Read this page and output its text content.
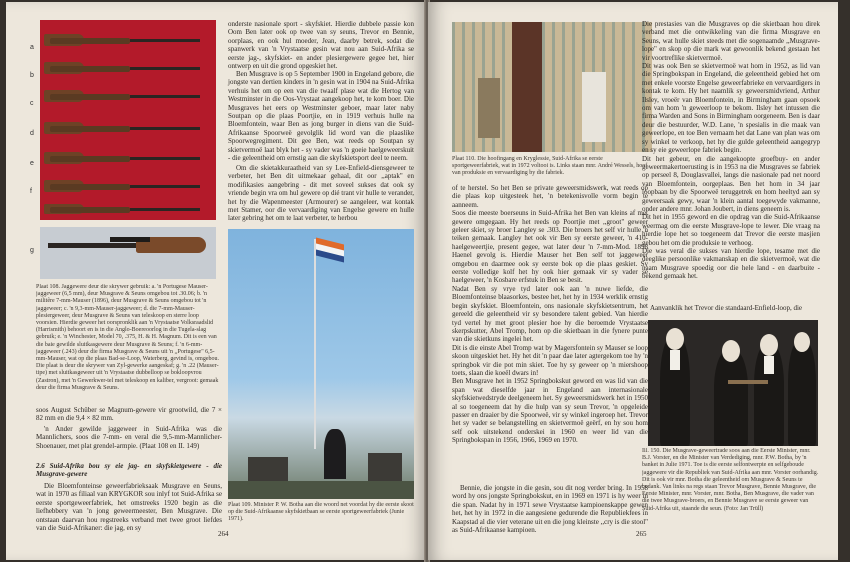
a
b
c
d
e
f
g
Plaat 108. Jaggewere deur die skrywer gebruik: a. 'n Portugese Mauser-jaggeweer (6,5 mm), deur Musgrave & Seuns omgebou tot .30.06; b. 'n militêre 7-mm-Mauser (1896), deur Musgrave & Seuns omgebou tot 'n jaggeweer; c. 'n 9,3-mm-Mauser-jaggeweer; d. die 7-mm-Mauser-plesiergeweer, deur Musgrave & Seuns van teleskoop en sterre loop voorsien. Hierdie geweer het oorspronklik aan 'n Vrystaatse Volksraadslid (Harrismith) behoort en is in die Anglo-Boereoorlog in die Tugela-slag gebruik; e. 'n Winchester, Model 70, .375, H. & H. Magnum. Dit is een van die baie gewilde sluitkasgewere deur Musgrave & Seuns; f. 'n 6-mm-jaggeweer (.243) deur die firma Musgrave & Seuns uit 'n ,,Portugese" 6,5-mm-Mauser, wat op die plaas Bad-se-Loop, Waterberg, gevind is, omgebou. Die plaat is deur die skrywer van Zyl-gewerke aangeskaf; g. 'n .22 (Mauser-tipe) met sluitkasgeweer uit 'n Vrystaatse dubbelloop se bokloopvrou (Zastron), met 'n Gewerkwer-tel met teleskoop en kaliber, vergroot: gemaak deur die firma Musgrave & Seuns.
soos August Schüber se Magnum-gewere vir grootwild, die 7 × 82 mm en die 9,4 × 82 mm.
'n Ander gewilde jaggeweer in Suid-Afrika was die Mannlichers, soos die 7-mm- en veral die 9,5-mm-Mannlicher-Shoenauer, met plat grendel-armpie. (Plaat 108 en II. 149)
2.6 Suid-Afrika bou sy eie jag- en skyfskietgewere - die Musgrave-gewere
Die Bloemfonteinse geweerfabrieksaak Musgrave en Seuns, wat in 1970 as filiaal van KRYGKOR sou inlyf tot Suid-Afrika se eerste sportgeweerfabriek, het omstreeks 1920 begin as die liefhebbery van 'n jong geweermeester, Ben Musgrave. Die ontstaan daarvan hou regstreeks verband met twee groot liefdes van die Suid-Afrikaner: die jag, en sy
onderste nasionale sport - skyfskiet. Hierdie dubbele passie kon Oom Ben later ook op twee van sy seuns, Trevor en Bennie, oorplaas, en ook hul moeder, Jean, daarby betrek, sodat die spanwerk van 'n Vrystaatse gesin wat nou aan Suid-Afrika se eerste jag-, skyfskiet- en ander plesiergewere gegee het, hier ontwerp en uit die grond opgeskiet het.
Ben Musgrave is op 5 September 1900 in Engeland gebore, die jongste van dertien kinders in 'n gesin wat in 1904 na Suid-Afrika verhuis het om op een van die twaalf plase wat die Hertog van Westminster in die Oos-Vrystaat aangekoop het, te kom boer. Die Musgraves het eers op Westminster geboer, maar later naby Soutpan op die plaas Poortjie, en in 1919 verhuis hulle na Bloemfontein, waar Ben as jong burger in diens van die Suid-Afrikaanse Spoorweë gevolglik lid word van die plaaslike Spoorwegregiment. Dit gee Ben, wat reeds op Soutpan sy skietvermoë laat blyk het - sy vader was 'n goeie haelgeweerskuit - die geleentheid om ernstig aan die skyfskietsport deel te neem.
Om die skietakkuraatheid van sy Lee-Enfield-diensgeweer te verbeter, het Ben dit uitmekaar gehaal, dit oor ,,aptak" en modifikasies aangebring - dit met soveel sukses dat ook sy vriende begin vra om hul gewere op dié trant vir hulle te verander, het hy die Wapenmeester (Armourer) se aangeleer, wat kontak met Stamer, oor die vervaardiging van Engelse gewere en hulle later gebring het om te laat verbeter, te herbou
Plaat 109. Minister P. W. Botha aan die woord net voordat hy die eerste skoot op die Suid-Afrikaanse skyfskietbaan se eerste sportgeweerfabriek (Junie 1971).
264
Plaat 110. Die hoofingang en Kryglessie, Suid-Afrika se eerste sportgeweerfabriek, wat in 1972 voltooi is. Links staan mnr. André Wessels, hoof van produksie en vervaardiging by die fabriek.
of te herstel. So het Ben se private geweersmidswerk, wat reeds op die plaas kop uitgesteek het, 'n betekenisvolle vorm begin te aanneem.
Soos die meeste boerseuns in Suid-Afrika het Ben van kleins af met gewere omgegaan. Hy het reeds op Poortjie met ,,groot" geweer geleer skiet, sy broer Langley se .303. Die broers het self vir hulle 'n teiken gemaak. Langley het ook vir Ben sy eerste geweer, 'n 410-haelgeweertjie, present gegee, wat later deur 'n 7-mm-Mod. 1898 Haenel gevolg is. Hierdie Mauser het Ben self tot jaggeweer omgebou en daarmee ook sy eerste bok op die plaas geskiet. Sy eerste volledige kolf het hy ook hier gemaak vir sy vader se haelgeweer, 'n Kosbare erfstuk in Ben se besit.
Nadat Ben sy vrye tyd later ook aan 'n nuwe liefde, die Bloemfonteinse blaasorkes, bestee het, het hy in 1934 werklik ernstig begin skyfskiet. Bloemfontein, ons nasionale skyfskietsentrum, het gereeld die geleentheid vir sy besondere talent gebied. Van hierdie tyd vertel hy met groot plesier hoe hy die beroemde Vrystaatse skerpskutter, Abel Tromp, hom op die skietbaan in die fynere punte van die skietkuns ingelei het.
Dit is die einste Abel Tromp wat by Magersfontein sy Mauser se loop skoon uitgeskiet het. Hy het dit 'n paar dae later agtergekom toe hy 'n springbok vir die pot min skiet. Toe hy sy geweer op 'n miershoop toets, slaan die koeël dwars in!
Ben Musgrave het in 1952 Springbokskut geword en was lid van die span wat dieselfde jaar in Engeland aan internasionale skyfskietwedstryde deelgeneem het. Sy geweersmidswerk het in 1950 al so toegeneem dat hy die hulp van sy seun Trevor, 'n opgeleide passer en draaier by die Spoorweë, vir sy winkel ingeroep het. Trevor het sy vader se belangstelling en skietvermoë geërf, en hy sou hom self ook uitstekend onderskei in 1960 en weer lid van die Springbokspan in 1956, 1966, 1969 en 1970.
Bennie, die jongste in die gesin, sou dit nog verder bring. In 1958 word hy ons jongste Springbokskut, en in 1969 en 1971 is hy weer in die span. Nadat hy in 1971 sewe Vrystaatse kampioenskappe gewen het, het hy in 1972 in die aangesiene gedurende die Republiekfees in Kaapstad al die vier veterane uit en die jong kleinste ,,cry is die stool" as Suid-Afrikaanse kampioen.
Die prestasies van die Musgraves op die skietbaan hou direk verband met die ontwikkeling van die firma Musgrave en Seuns, wat hulle skiet steeds met die sogenaamde ,,Musgrave-lope" en skop op die mark wat gewoonlik bekend gestaan het vir voortreflike skietvermoë.
Dit was ook Ben se skietvermoë wat hom in 1952, as lid van die Springbokspan in Engeland, die geleentheid gebied het om met enkele voorste Engelse geweerfabrieke en vervaardigers in kontak te kom. Hy het naamlik sy geweersmidvriend, Arthur Ilsley, vroeër van Bloemfontein, in Birmingham gaan opsoek om van hom 'n geweerloop te bekom. Ilsley het intussen die firma Warden and Sons in Birmingham oorgeneem. Ben is daar deur die bestuurder, W.D. Lane, 'n spesialis in die maak van geweerlope, en toe Ben vernaam het dat Lane van plan was om sy winkel te verkoop, het hy die gulde geleentheid aangegryp en sy eie geweerlope fabriek begin.
Dit het gebeur, en die aangekoopte groefbuy- en ander geweermakertoerusting is in 1953 na die Musgraves se fabriek op perseel 8, Douglasvallei, langs die nasionale pad net noord van Bloemfontein, oorgeplaas. Ben het hom in 34 jaar loopbaan by die Spoorweë teruggetrek en hom heeltyd aan sy geweersaak gewy, waar 'n klein aantal toegewyde vakmanne, onder andere mnr. Johan Joubert, in diens geneem is.
Dit het in 1955 geword en die opdrag van die Suid-Afrikaanse weermag om die eerste Musgrave-lope te lewer. Die vraag na hierdie lope het so toegeneem dat Trevor die eerste masjien gebou het om die produksie te verhoog.
Die was veral die sukses van hierdie lope, tesame met die deeglike persoonlike vakmanskap en die skietvermoë, wat die naam Musgrave spoedig oor die hele land - en daarbuite - bekend gemaak het.
Aanvanklik het Trevor die standaard-Enfield-loop, die
Ill. 150. Die Musgrave-geweertrade soos aan die Eerste Minister, mnr. B.J. Vorster, en die Minister van Verdediging, mnr. P.W. Botha, by 'n banket in Julie 1971. Toe is die eerste selfontwerpte en selfgeboude jaggewere vir die Republiek van Suid-Afrika aan mnr. Vorster oorhandig. Dit is ook vir mnr. Botha die geleentheid om Musgrave & Seuns te bedank. Van links na regs staan Trevor Musgrave, Bennie Musgrave, die Eerste Minister, mnr. Vorster, mnr. Botha, Ben Musgrave, die vader van die twee Musgrave-broers, en Bennie Musgrave se eerste geweer van Suid-Afrika uit, staande die seun. (Foto: Jan Trüll)
265
